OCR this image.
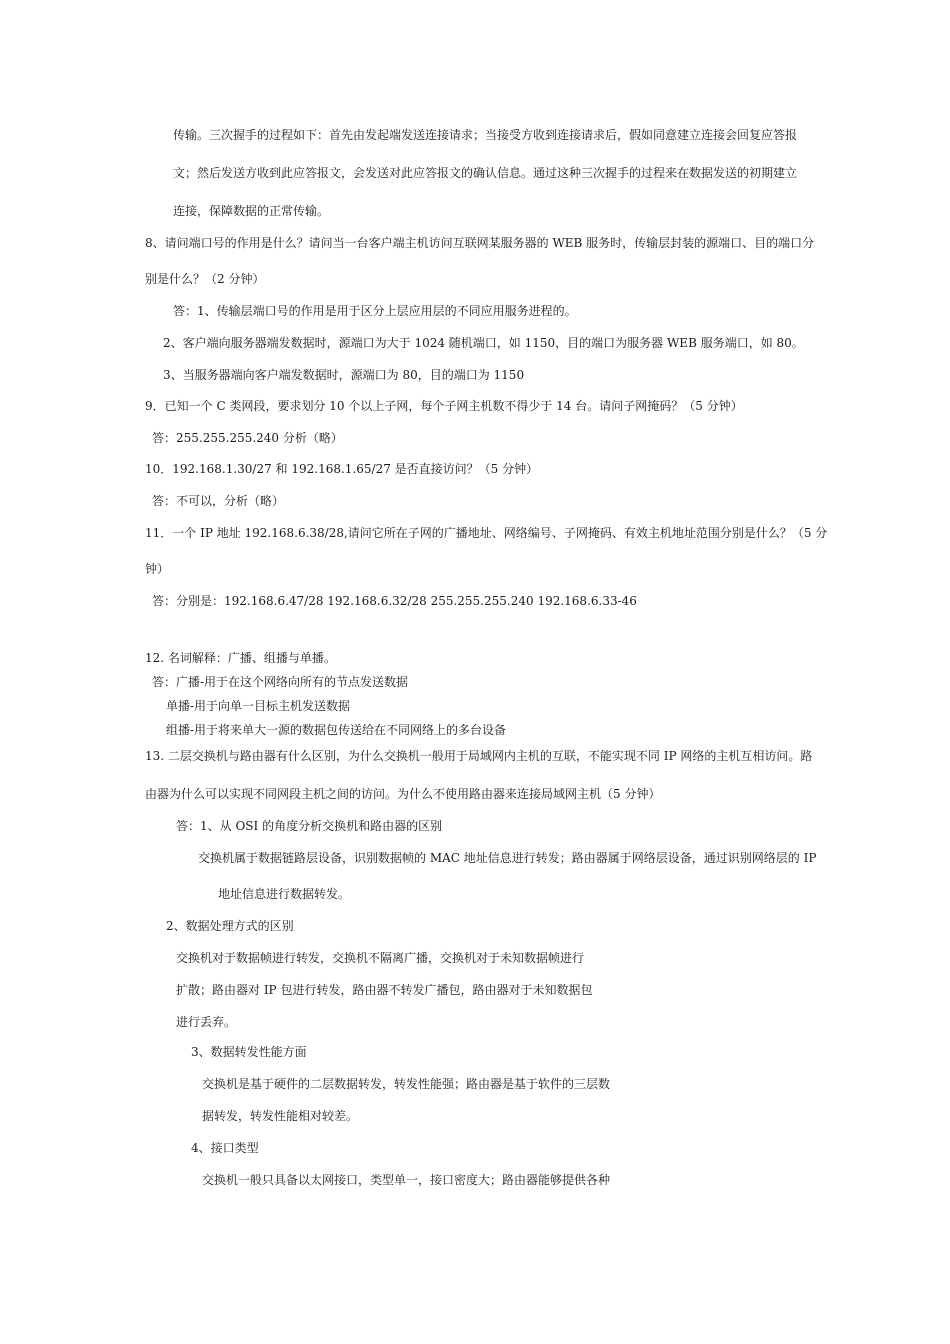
传输。三次握手的过程如下：首先由发起端发送连接请求；当接受方收到连接请求后，假如同意建立连接会回复应答报
文；然后发送方收到此应答报文，会发送对此应答报文的确认信息。通过这种三次握手的过程来在数据发送的初期建立
连接，保障数据的正常传输。
8、请问端口号的作用是什么？请问当一台客户端主机访问互联网某服务器的 WEB 服务时，传输层封装的源端口、目的端口分
别是什么？（2 分钟）
答：1、传输层端口号的作用是用于区分上层应用层的不同应用服务进程的。
2、客户端向服务器端发数据时，源端口为大于 1024 随机端口，如 1150，目的端口为服务器 WEB 服务端口，如 80。
3、当服务器端向客户端发数据时，源端口为 80，目的端口为 1150
9．已知一个 C 类网段，要求划分 10 个以上子网，每个子网主机数不得少于 14 台。请问子网掩码？（5 分钟）
答：255.255.255.240 分析（略）
10．192.168.1.30/27 和 192.168.1.65/27 是否直接访问？（5 分钟）
答：不可以，分析（略）
11．一个 IP 地址 192.168.6.38/28,请问它所在子网的广播地址、网络编号、子网掩码、有效主机地址范围分别是什么？（5 分
钟）
答：分别是：192.168.6.47/28 192.168.6.32/28 255.255.255.240 192.168.6.33-46
12. 名词解释：广播、组播与单播。
答：广播-用于在这个网络向所有的节点发送数据
单播-用于向单一目标主机发送数据
组播-用于将来单大一源的数据包传送给在不同网络上的多台设备
13. 二层交换机与路由器有什么区别，为什么交换机一般用于局域网内主机的互联，不能实现不同 IP 网络的主机互相访问。路
由器为什么可以实现不同网段主机之间的访问。为什么不使用路由器来连接局域网主机（5 分钟）
答：1、从 OSI 的角度分析交换机和路由器的区别
交换机属于数据链路层设备，识别数据帧的 MAC 地址信息进行转发；路由器属于网络层设备，通过识别网络层的 IP
地址信息进行数据转发。
2、数据处理方式的区别
交换机对于数据帧进行转发，交换机不隔离广播，交换机对于未知数据帧进行
扩散；路由器对 IP 包进行转发，路由器不转发广播包，路由器对于未知数据包
进行丢弃。
3、数据转发性能方面
交换机是基于硬件的二层数据转发，转发性能强；路由器是基于软件的三层数
据转发，转发性能相对较差。
4、接口类型
交换机一般只具备以太网接口，类型单一，接口密度大；路由器能够提供各种
